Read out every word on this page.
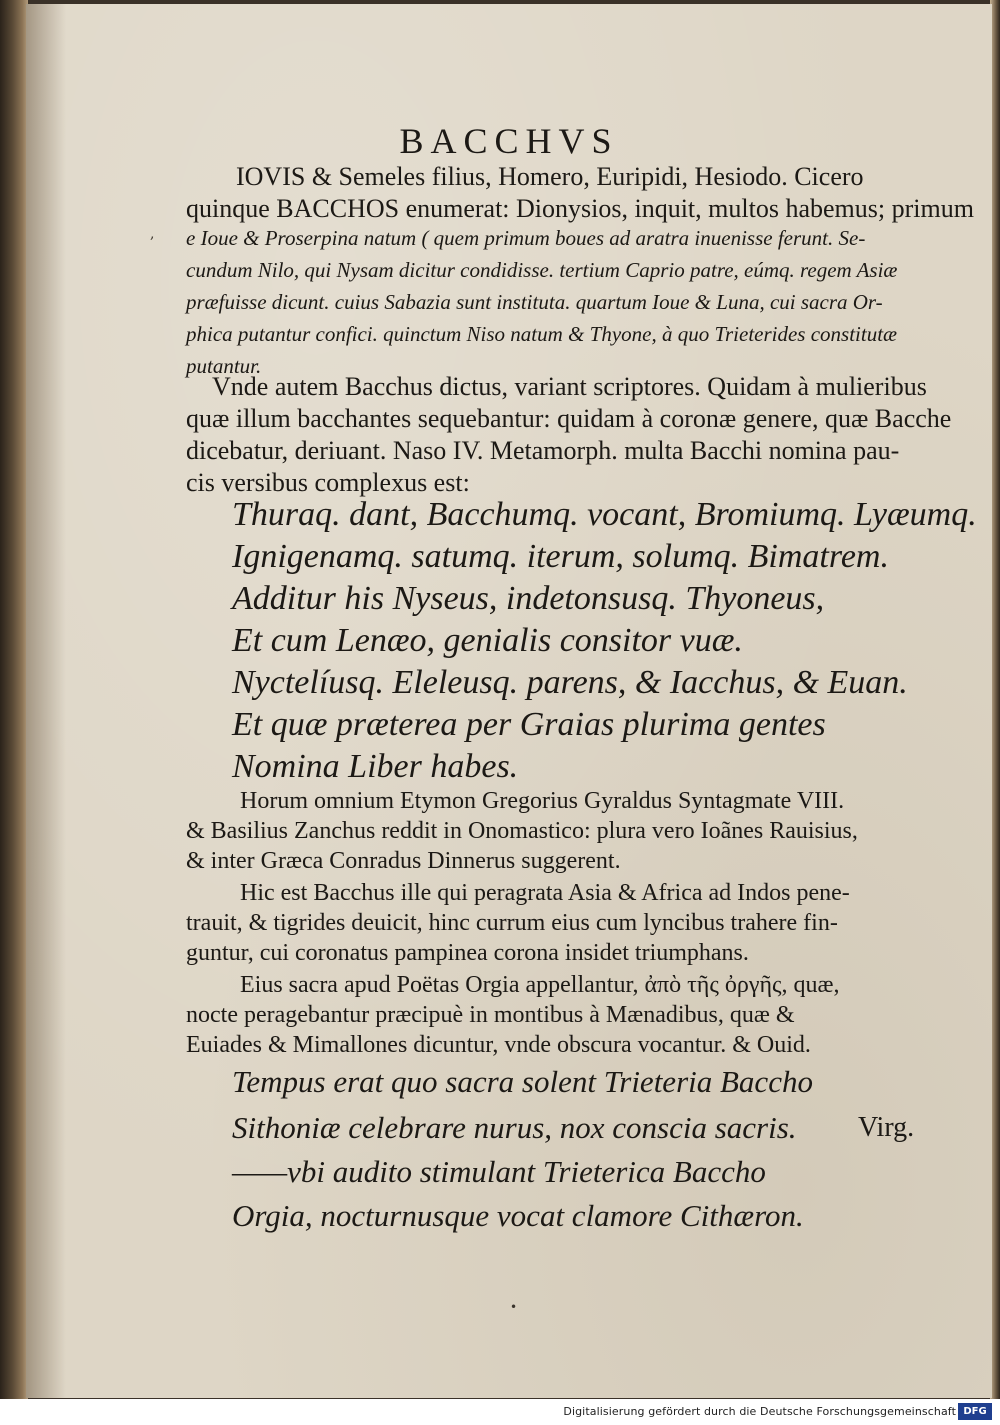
BACCHVS
IOVIS & Semeles filius, Homero, Euripidi, Hesiodo. Cicero
quinque BACCHOS enumerat: Dionysios, inquit, multos habemus; primum
e Ioue & Proserpina natum ( quem primum boues ad aratra inuenisse ferunt. Se-
cundum Nilo, qui Nysam dicitur condidisse. tertium Caprio patre, eúmq. regem Asiæ
præfuisse dicunt. cuius Sabazia sunt instituta. quartum Ioue & Luna, cui sacra Or-
phica putantur confici. quinctum Niso natum & Thyone, à quo Trieterides constitutæ
putantur.
Vnde autem Bacchus dictus, variant scriptores. Quidam à mulieribus
quæ illum bacchantes sequebantur: quidam à coronæ genere, quæ Bacche
dicebatur, deriuant. Naso IV. Metamorph. multa Bacchi nomina pau-
cis versibus complexus est:
Thuraq. dant, Bacchumq. vocant, Bromiumq. Lyæumq.
Ignigenamq. satumq. iterum, solumq. Bimatrem.
Additur his Nyseus, indetonsusq. Thyoneus,
Et cum Lenæo, genialis consitor vuæ.
Nyctelíusq. Eleleusq. parens, & Iacchus, & Euan.
Et quæ præterea per Graias plurima gentes
Nomina Liber habes.
Horum omnium Etymon Gregorius Gyraldus Syntagmate VIII.
& Basilius Zanchus reddit in Onomastico: plura vero Ioãnes Rauisius,
& inter Græca Conradus Dinnerus suggerent.
Hic est Bacchus ille qui peragrata Asia & Africa ad Indos pene-
trauit, & tigrides deuicit, hinc currum eius cum lyncibus trahere fin-
guntur, cui coronatus pampinea corona insidet triumphans.
Eius sacra apud Poëtas Orgia appellantur, ἀπὸ τῆς ὀργῆς, quæ,
nocte peragebantur præcipuè in montibus à Mænadibus, quæ &
Euiades & Mimallones dicuntur, vnde obscura vocantur. & Ouid.
Tempus erat quo sacra solent Trieteria Baccho
Sithoniæ celebrare nurus, nox conscia sacris. Virg.
——vbi audito stimulant Trieterica Baccho
Orgia, nocturnusque vocat clamore Cithæron.
,
•
Digitalisierung gefördert durch die Deutsche Forschungsgemeinschaft DFG
